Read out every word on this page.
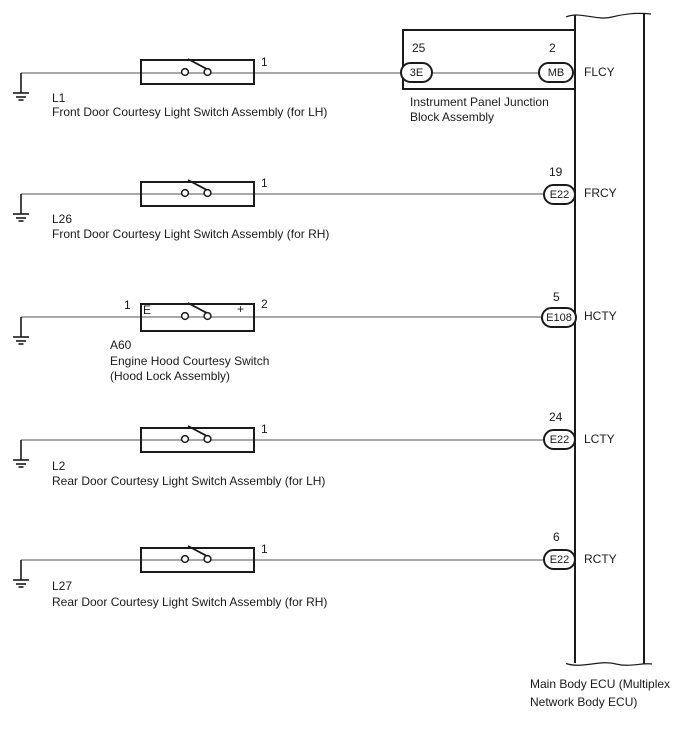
3E	MB
E22
E108
E22
E22
1
1
1	2
1
1
E	+
25	2
19
5
24
6
FLCY
FRCY
HCTY
LCTY
RCTY
L1
Front Door Courtesy Light Switch Assembly (for LH)
L26
Front Door Courtesy Light Switch Assembly (for RH)
A60
Engine Hood Courtesy Switch
(Hood Lock Assembly)
L2
Rear Door Courtesy Light Switch Assembly (for LH)
L27
Rear Door Courtesy Light Switch Assembly (for RH)
Instrument Panel Junction
Block Assembly
Main Body ECU (Multiplex
Network Body ECU)
